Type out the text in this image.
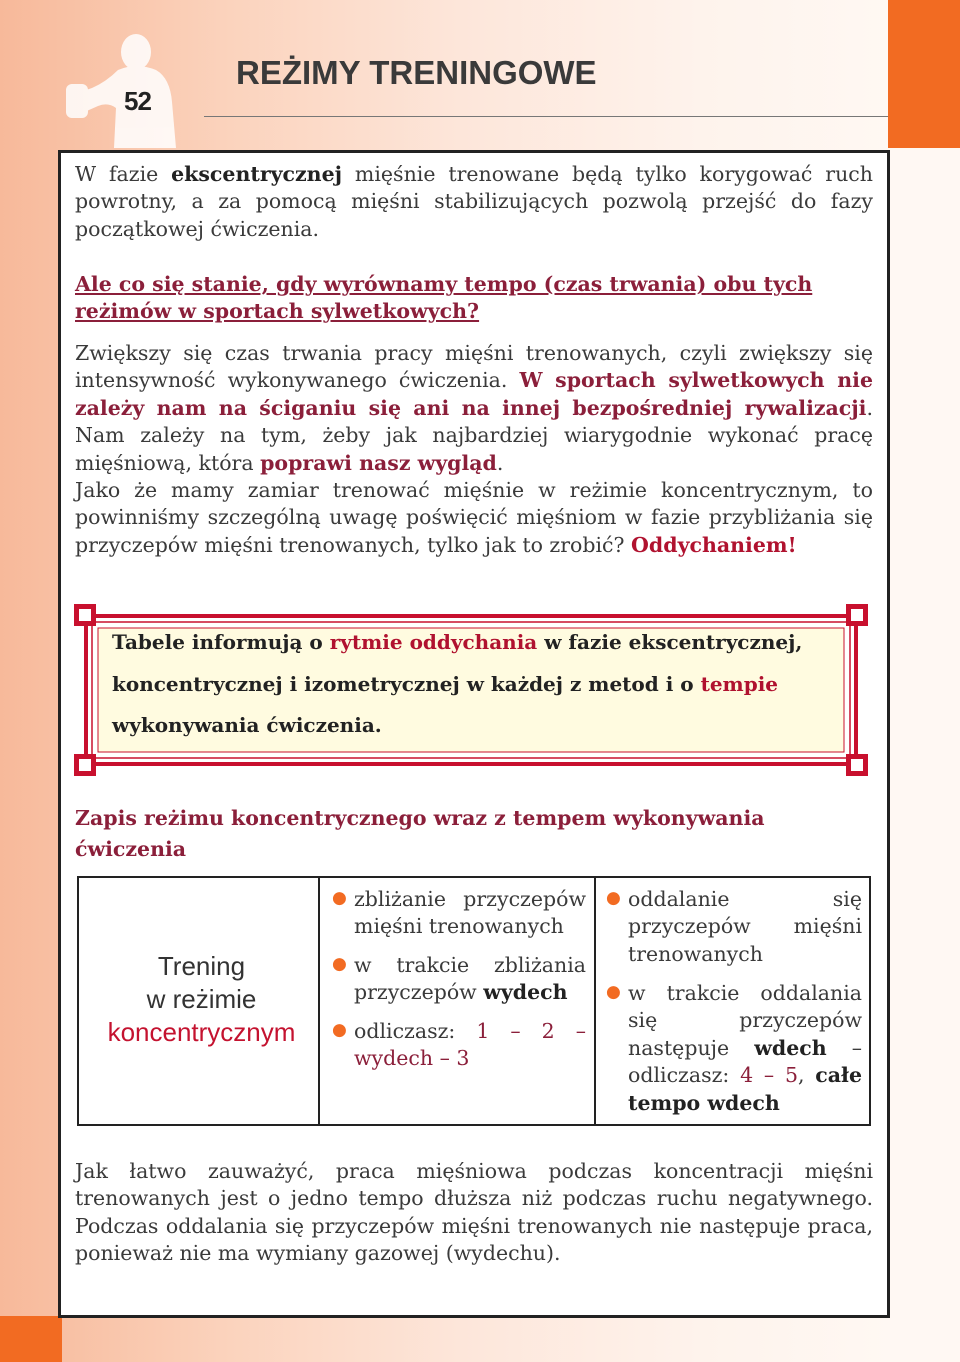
52
REŻIMY TRENINGOWE

W fazie ekscentrycznej mięśnie trenowane będą tylko korygować ruch powrotny, a za pomocą mięśni stabilizujących pozwolą przejść do fazy początkowej ćwiczenia.

Ale co się stanie, gdy wyrównamy tempo (czas trwania) obu tych reżimów w sportach sylwetkowych?

Zwiększy się czas trwania pracy mięśni trenowanych, czyli zwiększy się intensywność wykonywanego ćwiczenia. W sportach sylwetkowych nie zależy nam na ściganiu się ani na innej bezpośredniej rywalizacji. Nam zależy na tym, żeby jak najbardziej wiarygodnie wykonać pracę mięśniową, która poprawi nasz wygląd.

Jako że mamy zamiar trenować mięśnie w reżimie koncentrycznym, to powinniśmy szczególną uwagę poświęcić mięśniom w fazie przybliżania się przyczepów mięśni trenowanych, tylko jak to zrobić? Oddychaniem!

Tabele informują o rytmie oddychania w fazie ekscentrycznej, koncentrycznej i izometrycznej w każdej z metod i o tempie wykonywania ćwiczenia.

Zapis reżimu koncentrycznego wraz z tempem wykonywania ćwiczenia

Trening
w reżimie
koncentrycznym

● zbliżanie przyczepów mięśni trenowanych

● w trakcie zbliżania przyczepów wydech

● odliczasz: 1 – 2 – wydech – 3

● oddalanie się przyczepów mięśni trenowanych

● w trakcie oddalania się przyczepów następuje wdech – odliczasz: 4 – 5, całe tempo wdech

Jak łatwo zauważyć, praca mięśniowa podczas koncentracji mięśni trenowanych jest o jedno tempo dłuższa niż podczas ruchu negatywnego. Podczas oddalania się przyczepów mięśni trenowanych nie następuje praca, ponieważ nie ma wymiany gazowej (wydechu).
